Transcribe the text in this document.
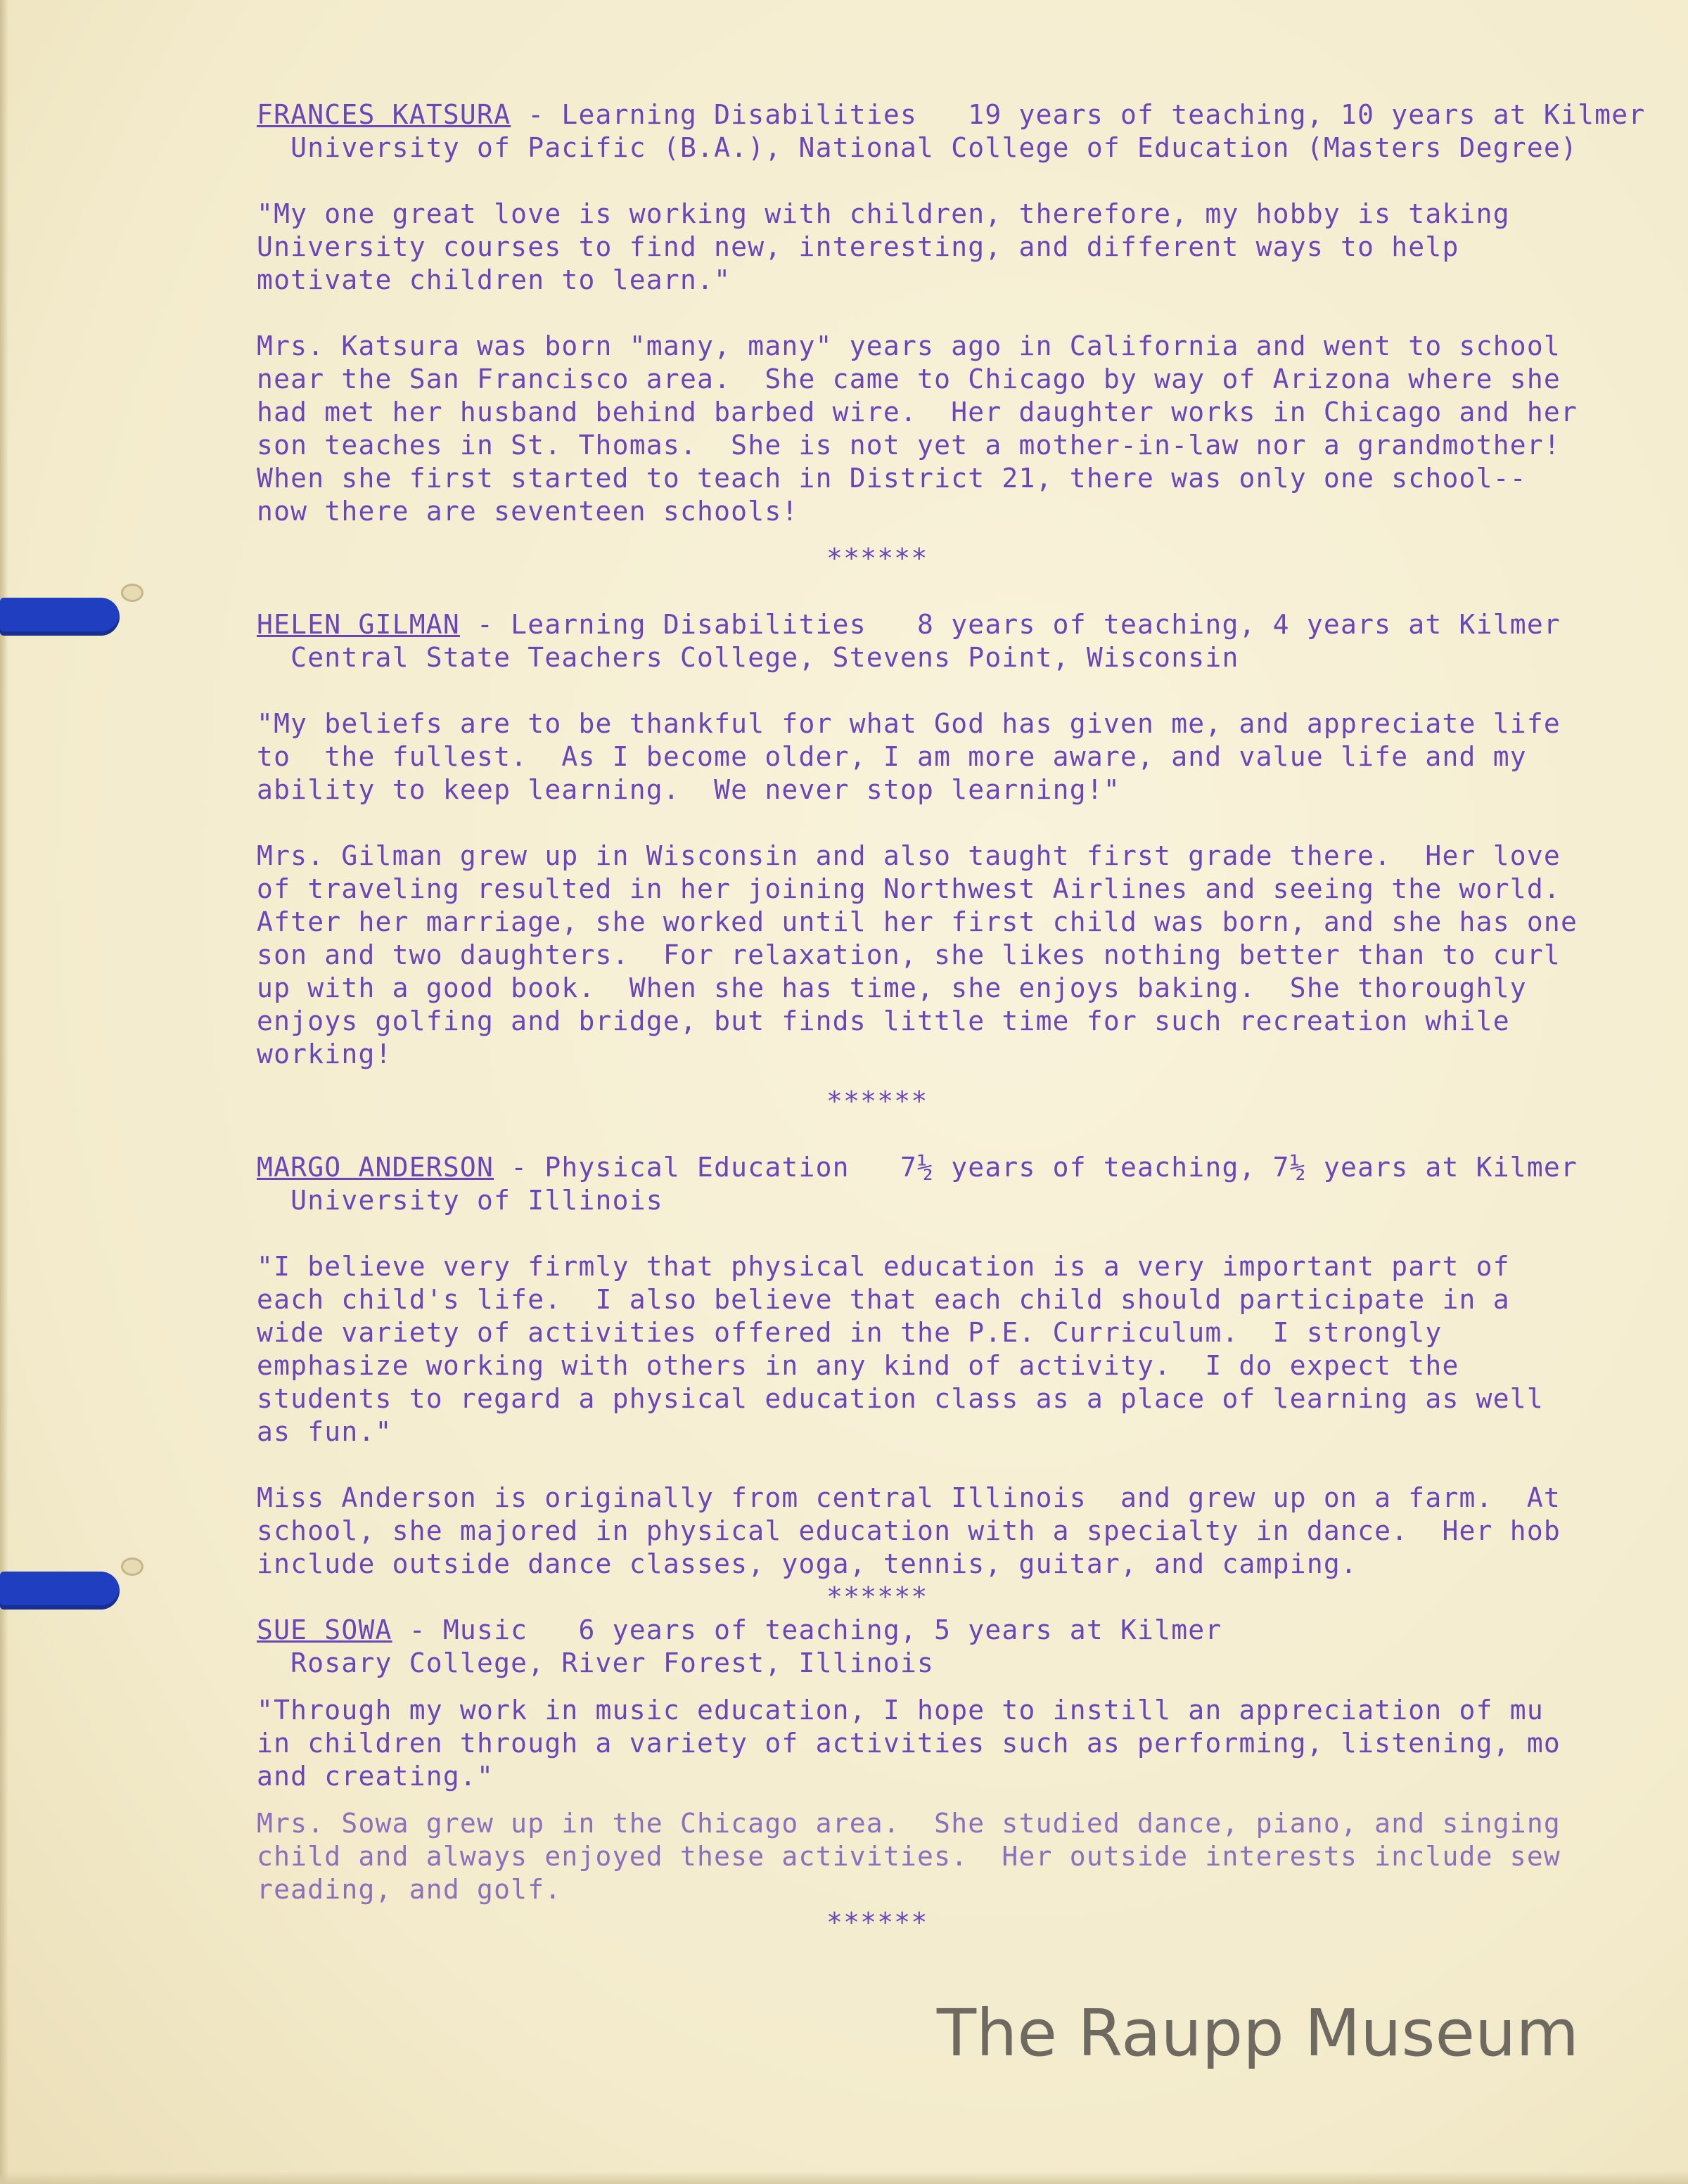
FRANCES KATSURA - Learning Disabilities   19 years of teaching, 10 years at Kilmer
University of Pacific (B.A.), National College of Education (Masters Degree)
"My one great love is working with children, therefore, my hobby is taking
University courses to find new, interesting, and different ways to help
motivate children to learn."
Mrs. Katsura was born "many, many" years ago in California and went to school
near the San Francisco area.  She came to Chicago by way of Arizona where she
had met her husband behind barbed wire.  Her daughter works in Chicago and her
son teaches in St. Thomas.  She is not yet a mother-in-law nor a grandmother!
When she first started to teach in District 21, there was only one school--
now there are seventeen schools!
******
HELEN GILMAN - Learning Disabilities   8 years of teaching, 4 years at Kilmer
Central State Teachers College, Stevens Point, Wisconsin
"My beliefs are to be thankful for what God has given me, and appreciate life
to  the fullest.  As I become older, I am more aware, and value life and my
ability to keep learning.  We never stop learning!"
Mrs. Gilman grew up in Wisconsin and also taught first grade there.  Her love
of traveling resulted in her joining Northwest Airlines and seeing the world.
After her marriage, she worked until her first child was born, and she has one
son and two daughters.  For relaxation, she likes nothing better than to curl
up with a good book.  When she has time, she enjoys baking.  She thoroughly
enjoys golfing and bridge, but finds little time for such recreation while
working!
******
MARGO ANDERSON - Physical Education   7½ years of teaching, 7½ years at Kilmer
University of Illinois
"I believe very firmly that physical education is a very important part of
each child's life.  I also believe that each child should participate in a
wide variety of activities offered in the P.E. Curriculum.  I strongly
emphasize working with others in any kind of activity.  I do expect the
students to regard a physical education class as a place of learning as well
as fun."
Miss Anderson is originally from central Illinois  and grew up on a farm.  At
school, she majored in physical education with a specialty in dance.  Her hob
include outside dance classes, yoga, tennis, guitar, and camping.
******
SUE SOWA - Music   6 years of teaching, 5 years at Kilmer
Rosary College, River Forest, Illinois
"Through my work in music education, I hope to instill an appreciation of mu
in children through a variety of activities such as performing, listening, mo
and creating."
Mrs. Sowa grew up in the Chicago area.  She studied dance, piano, and singing
child and always enjoyed these activities.  Her outside interests include sew
reading, and golf.
******
The Raupp Museum
